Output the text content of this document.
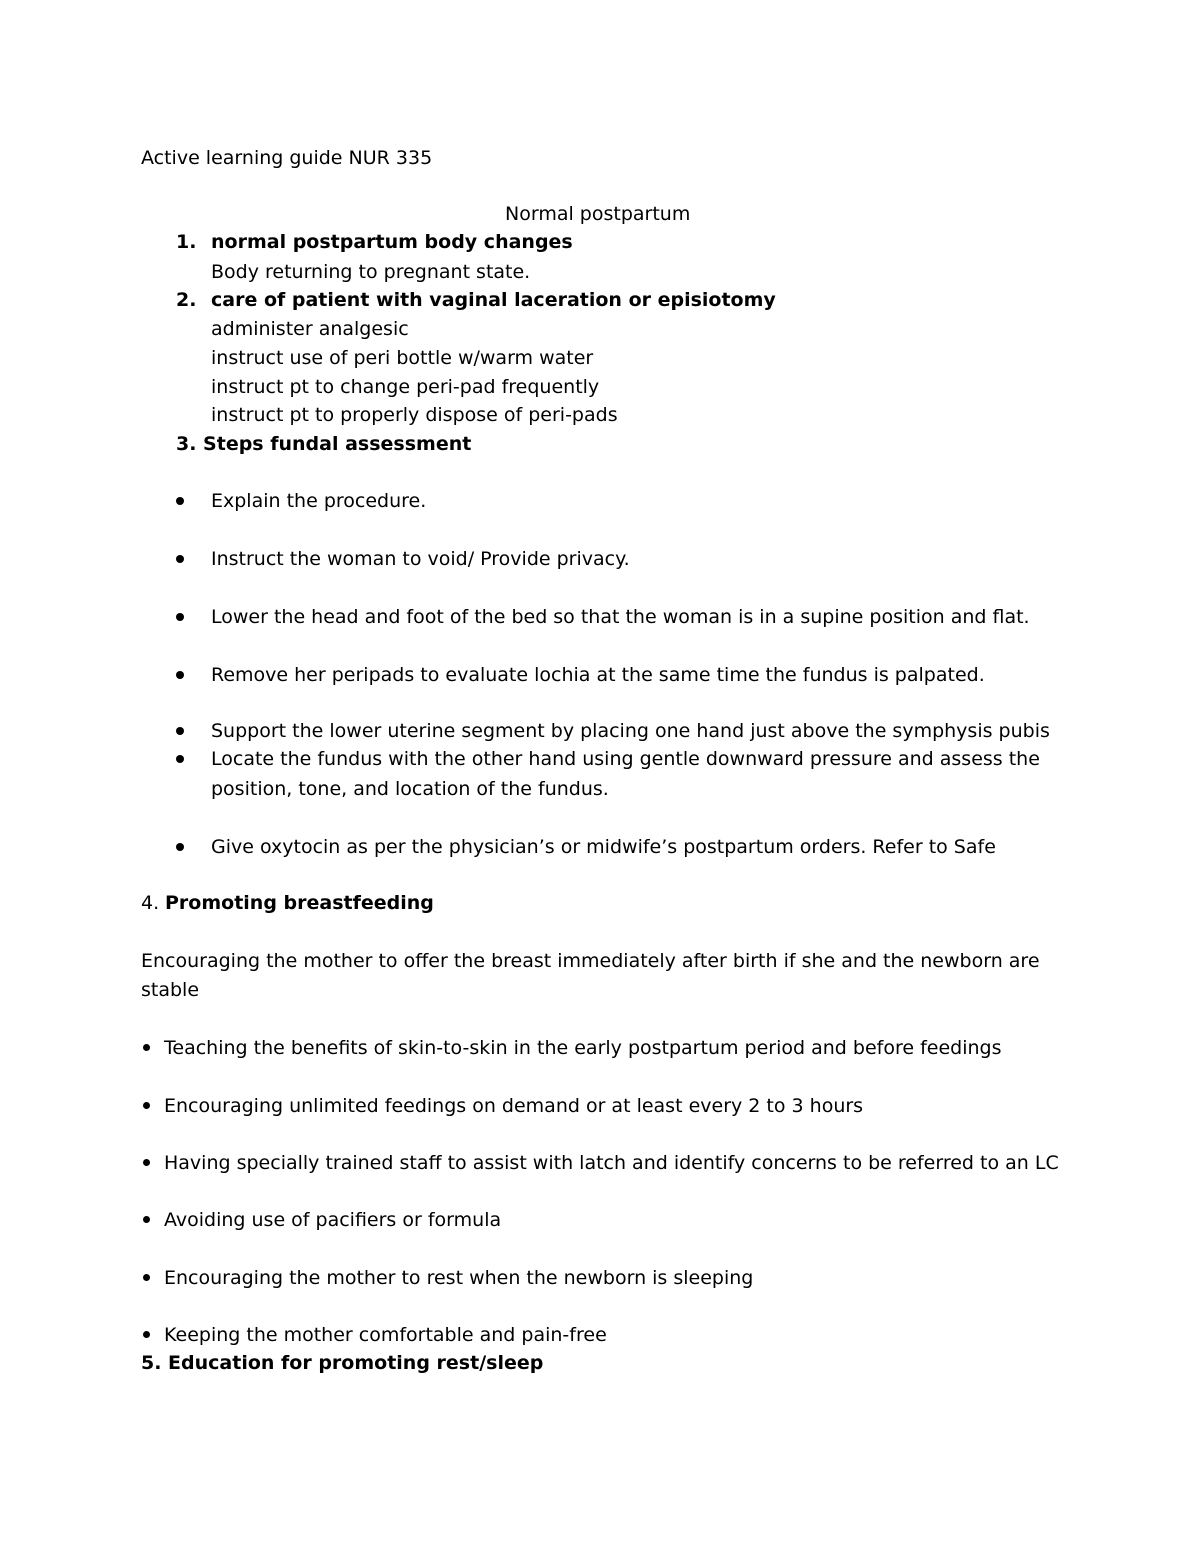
Active learning guide NUR 335
Normal postpartum
1. normal postpartum body changes
Body returning to pregnant state.
2. care of patient with vaginal laceration or episiotomy
administer analgesic
instruct use of peri bottle w/warm water
instruct pt to change peri-pad frequently
instruct pt to properly dispose of peri-pads
3. Steps fundal assessment
Explain the procedure.
Instruct the woman to void/ Provide privacy.
Lower the head and foot of the bed so that the woman is in a supine position and flat.
Remove her peripads to evaluate lochia at the same time the fundus is palpated.
Support the lower uterine segment by placing one hand just above the symphysis pubis
Locate the fundus with the other hand using gentle downward pressure and assess the
position, tone, and location of the fundus.
Give oxytocin as per the physician’s or midwife’s postpartum orders. Refer to Safe
4. Promoting breastfeeding
Encouraging the mother to offer the breast immediately after birth if she and the newborn are
stable
Teaching the benefits of skin-to-skin in the early postpartum period and before feedings
Encouraging unlimited feedings on demand or at least every 2 to 3 hours
Having specially trained staff to assist with latch and identify concerns to be referred to an LC
Avoiding use of pacifiers or formula
Encouraging the mother to rest when the newborn is sleeping
Keeping the mother comfortable and pain-free
5. Education for promoting rest/sleep
